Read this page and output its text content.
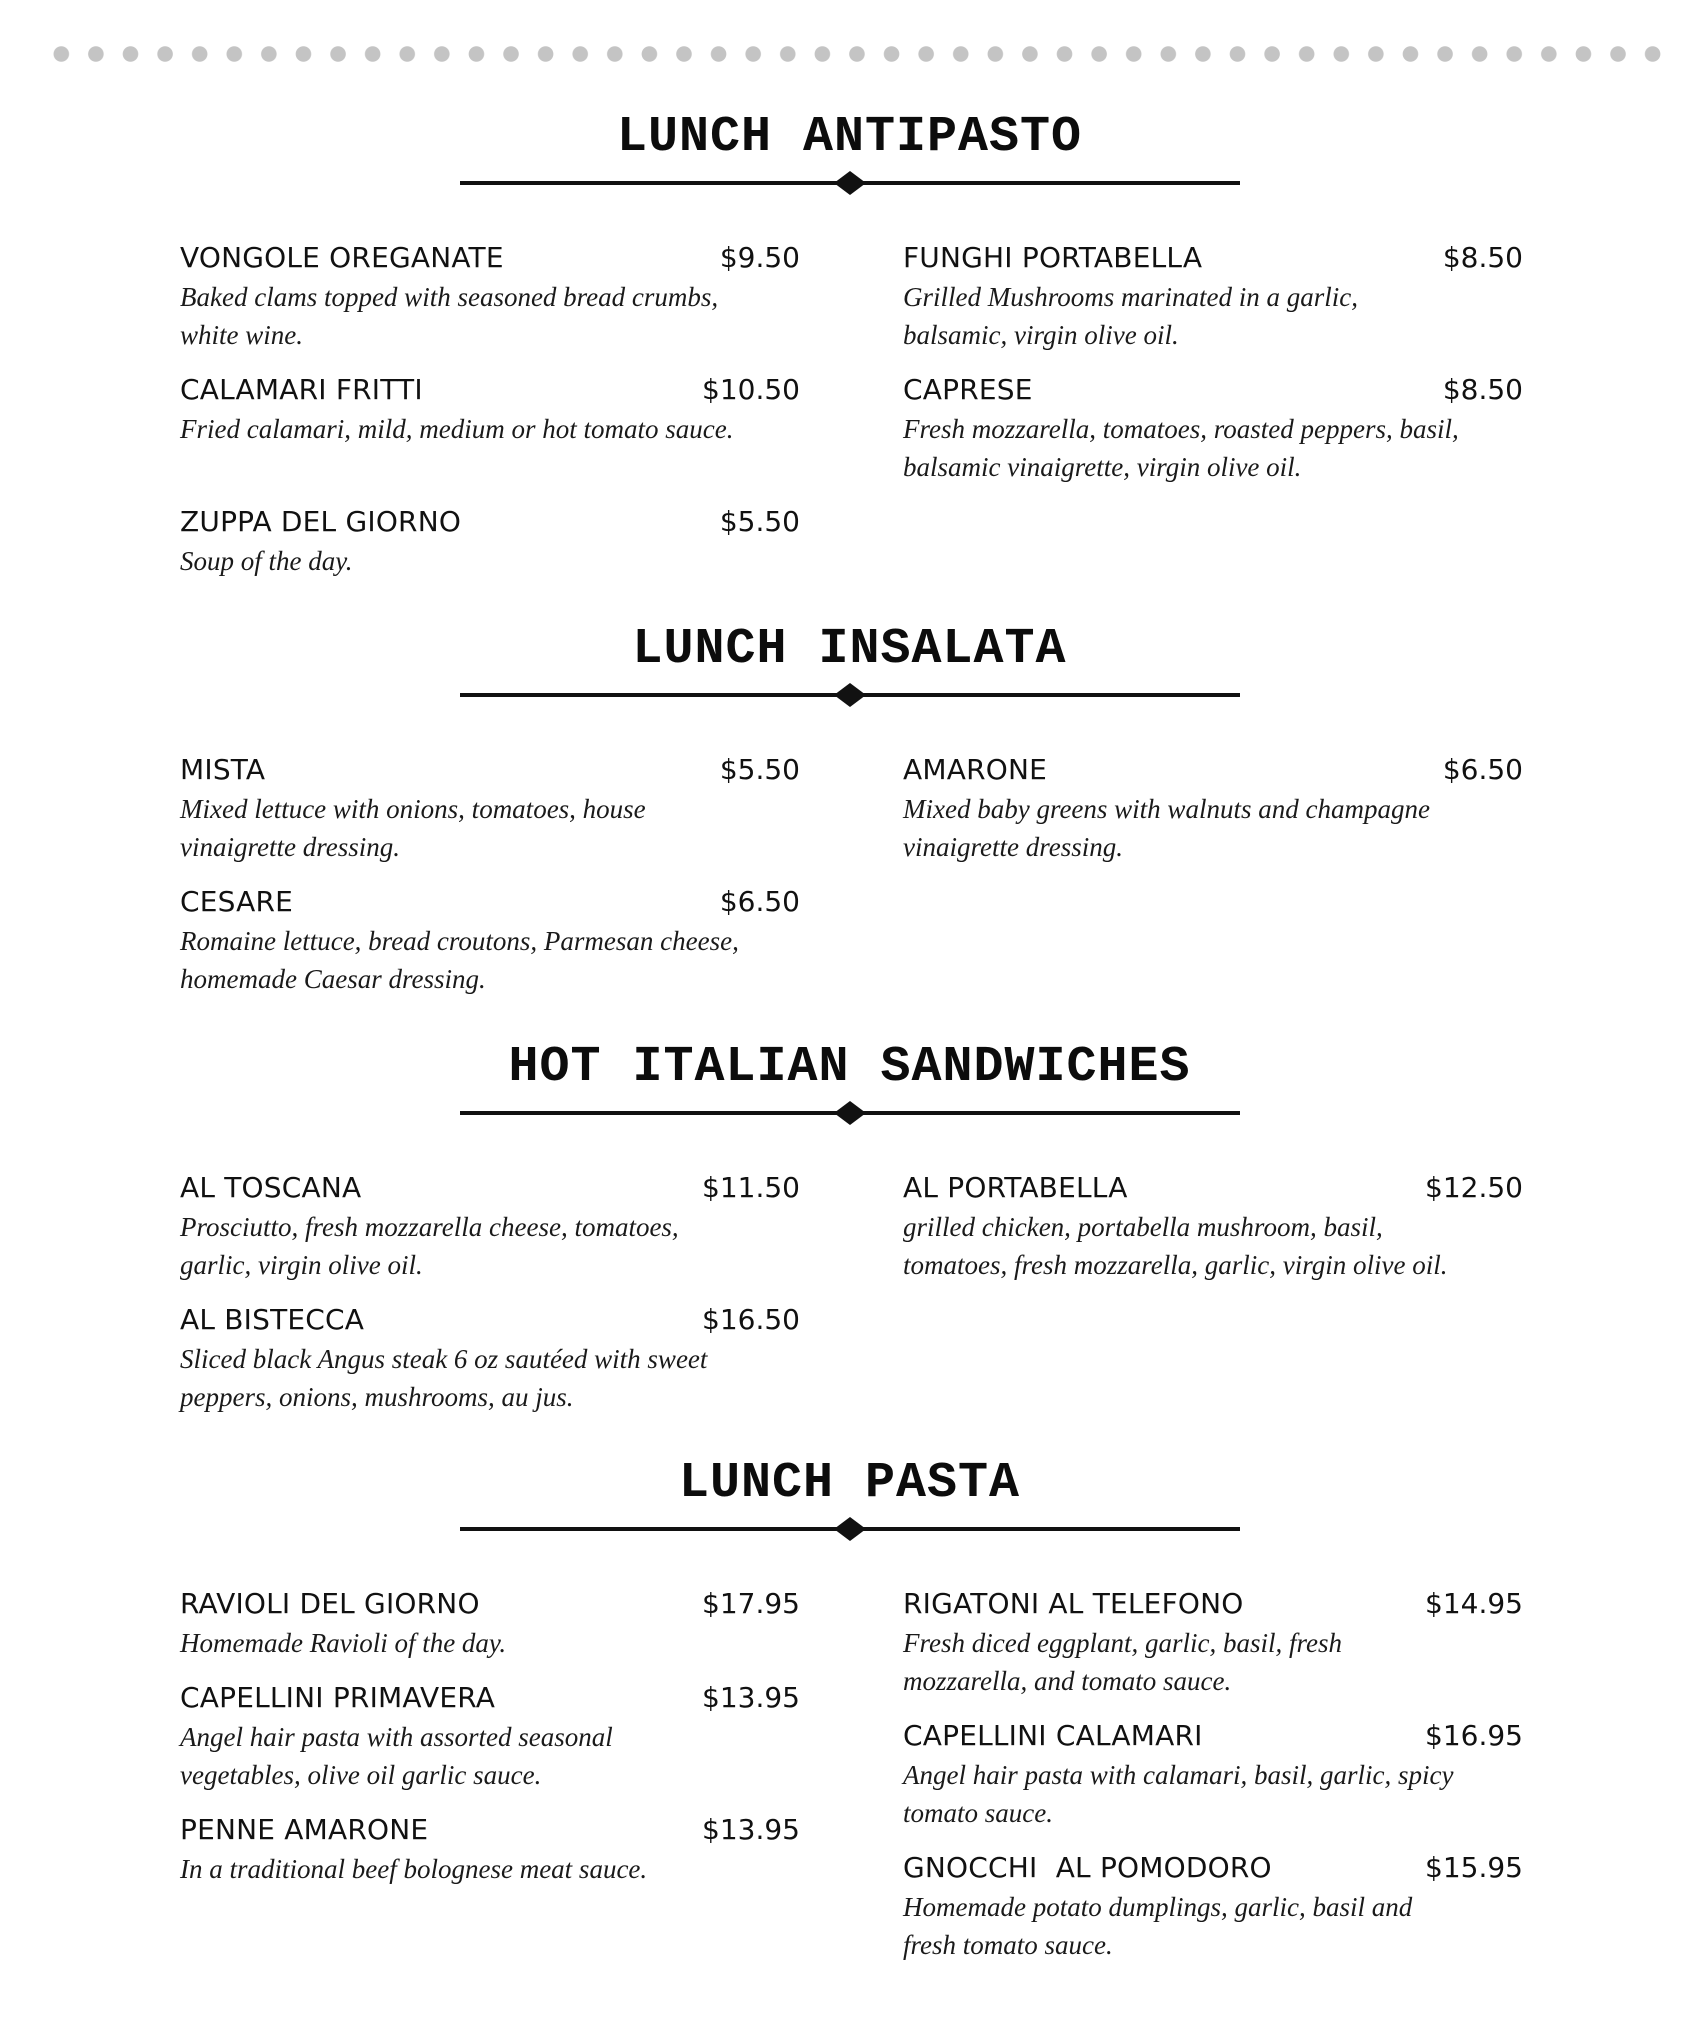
LUNCH ANTIPASTO
VONGOLE OREGANATE	$9.50
Baked clams topped with seasoned bread crumbs, white wine.
CALAMARI FRITTI	$10.50
Fried calamari, mild, medium or hot tomato sauce.
ZUPPA DEL GIORNO	$5.50
Soup of the day.
FUNGHI PORTABELLA	$8.50
Grilled Mushrooms marinated in a garlic, balsamic, virgin olive oil.
CAPRESE	$8.50
Fresh mozzarella, tomatoes, roasted peppers, basil, balsamic vinaigrette, virgin olive oil.
LUNCH INSALATA
MISTA	$5.50
Mixed lettuce with onions, tomatoes, house vinaigrette dressing.
CESARE	$6.50
Romaine lettuce, bread croutons, Parmesan cheese, homemade Caesar dressing.
AMARONE	$6.50
Mixed baby greens with walnuts and champagne vinaigrette dressing.
HOT ITALIAN SANDWICHES
AL TOSCANA	$11.50
Prosciutto, fresh mozzarella cheese, tomatoes, garlic, virgin olive oil.
AL BISTECCA	$16.50
Sliced black Angus steak 6 oz sautéed with sweet peppers, onions, mushrooms, au jus.
AL PORTABELLA	$12.50
grilled chicken, portabella mushroom, basil, tomatoes, fresh mozzarella, garlic, virgin olive oil.
LUNCH PASTA
RAVIOLI DEL GIORNO	$17.95
Homemade Ravioli of the day.
CAPELLINI PRIMAVERA	$13.95
Angel hair pasta with assorted seasonal vegetables, olive oil garlic sauce.
PENNE AMARONE	$13.95
In a traditional beef bolognese meat sauce.
RIGATONI AL TELEFONO	$14.95
Fresh diced eggplant, garlic, basil, fresh mozzarella, and tomato sauce.
CAPELLINI CALAMARI	$16.95
Angel hair pasta with calamari, basil, garlic, spicy tomato sauce.
GNOCCHI  AL POMODORO	$15.95
Homemade potato dumplings, garlic, basil and fresh tomato sauce.
